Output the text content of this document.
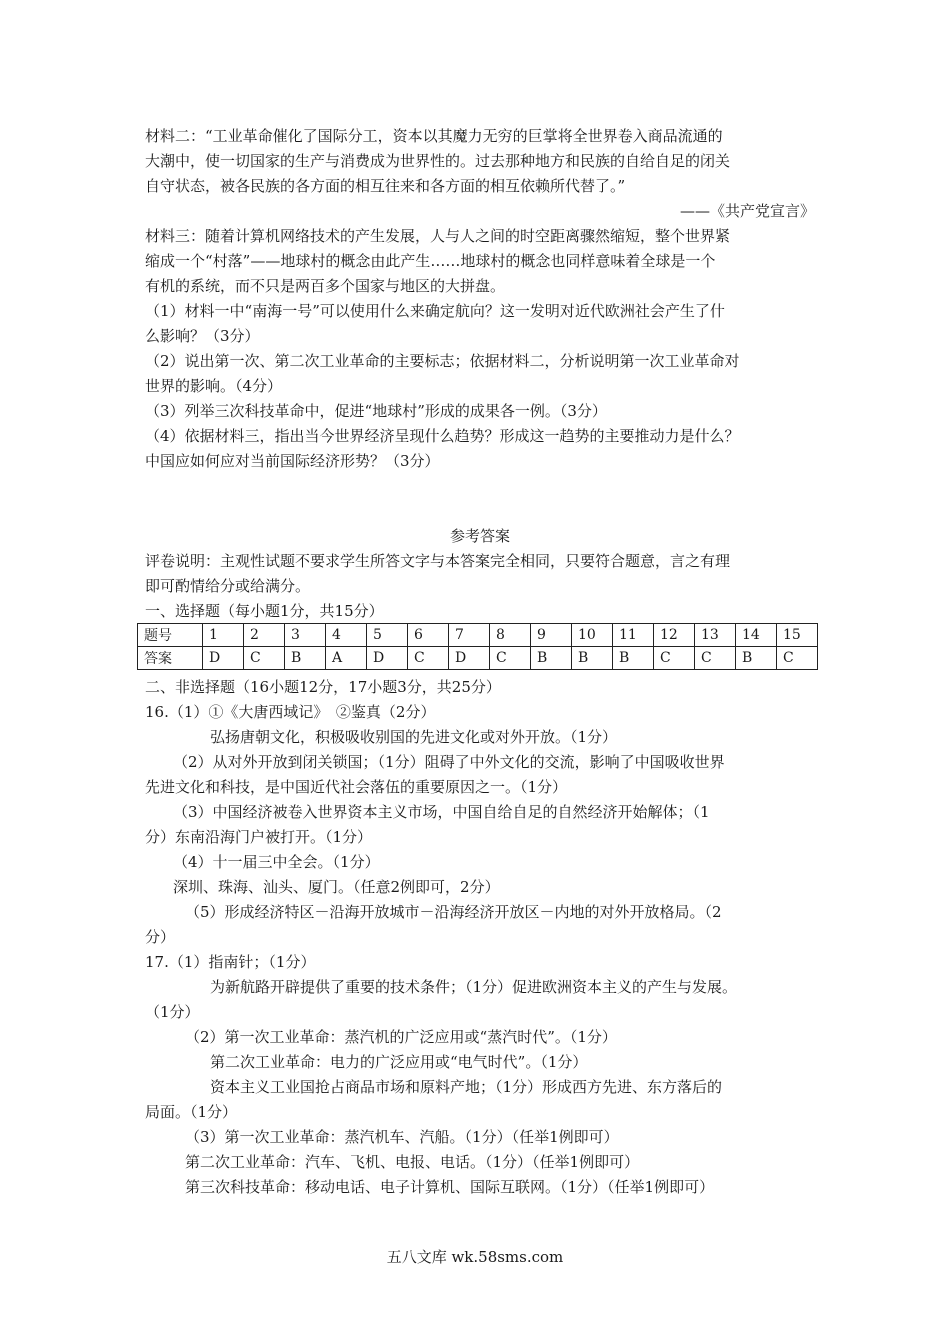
材料二：“工业革命催化了国际分工，资本以其魔力无穷的巨掌将全世界卷入商品流通的
大潮中，使一切国家的生产与消费成为世界性的。过去那种地方和民族的自给自足的闭关
自守状态，被各民族的各方面的相互往来和各方面的相互依赖所代替了。”
——《共产党宣言》
材料三：随着计算机网络技术的产生发展，人与人之间的时空距离骤然缩短，整个世界紧
缩成一个“村落”——地球村的概念由此产生……地球村的概念也同样意味着全球是一个
有机的系统，而不只是两百多个国家与地区的大拼盘。
（1）材料一中“南海一号”可以使用什么来确定航向？这一发明对近代欧洲社会产生了什
么影响？（3分）
（2）说出第一次、第二次工业革命的主要标志；依据材料二，分析说明第一次工业革命对
世界的影响。（4分）
（3）列举三次科技革命中，促进“地球村”形成的成果各一例。（3分）
（4）依据材料三，指出当今世界经济呈现什么趋势？形成这一趋势的主要推动力是什么？
中国应如何应对当前国际经济形势？（3分）
参考答案
评卷说明：主观性试题不要求学生所答文字与本答案完全相同，只要符合题意，言之有理
即可酌情给分或给满分。
一、选择题（每小题1分，共15分）
题号	1	2	3	4	5	6	7	8	9	10	11	12	13	14	15
答案	D	C	B	A	D	C	D	C	B	B	B	C	C	B	C
二、非选择题（16小题12分，17小题3分，共25分）
16.（1）①《大唐西域记》　②鉴真（2分）
弘扬唐朝文化，积极吸收别国的先进文化或对外开放。（1分）
（2）从对外开放到闭关锁国；（1分）阻碍了中外文化的交流，影响了中国吸收世界
先进文化和科技，是中国近代社会落伍的重要原因之一。（1分）
（3）中国经济被卷入世界资本主义市场，中国自给自足的自然经济开始解体；（1
分）东南沿海门户被打开。（1分）
（4）十一届三中全会。（1分）
深圳、珠海、汕头、厦门。（任意2例即可，2分）
（5）形成经济特区－沿海开放城市－沿海经济开放区－内地的对外开放格局。（2
分）
17.（1）指南针；（1分）
为新航路开辟提供了重要的技术条件；（1分）促进欧洲资本主义的产生与发展。
（1分）
（2）第一次工业革命：蒸汽机的广泛应用或“蒸汽时代”。（1分）
第二次工业革命：电力的广泛应用或“电气时代”。（1分）
资本主义工业国抢占商品市场和原料产地；（1分）形成西方先进、东方落后的
局面。（1分）
（3）第一次工业革命：蒸汽机车、汽船。（1分）（任举1例即可）
第二次工业革命：汽车、飞机、电报、电话。（1分）（任举1例即可）
第三次科技革命：移动电话、电子计算机、国际互联网。（1分）（任举1例即可）
五八文库 wk.58sms.com
